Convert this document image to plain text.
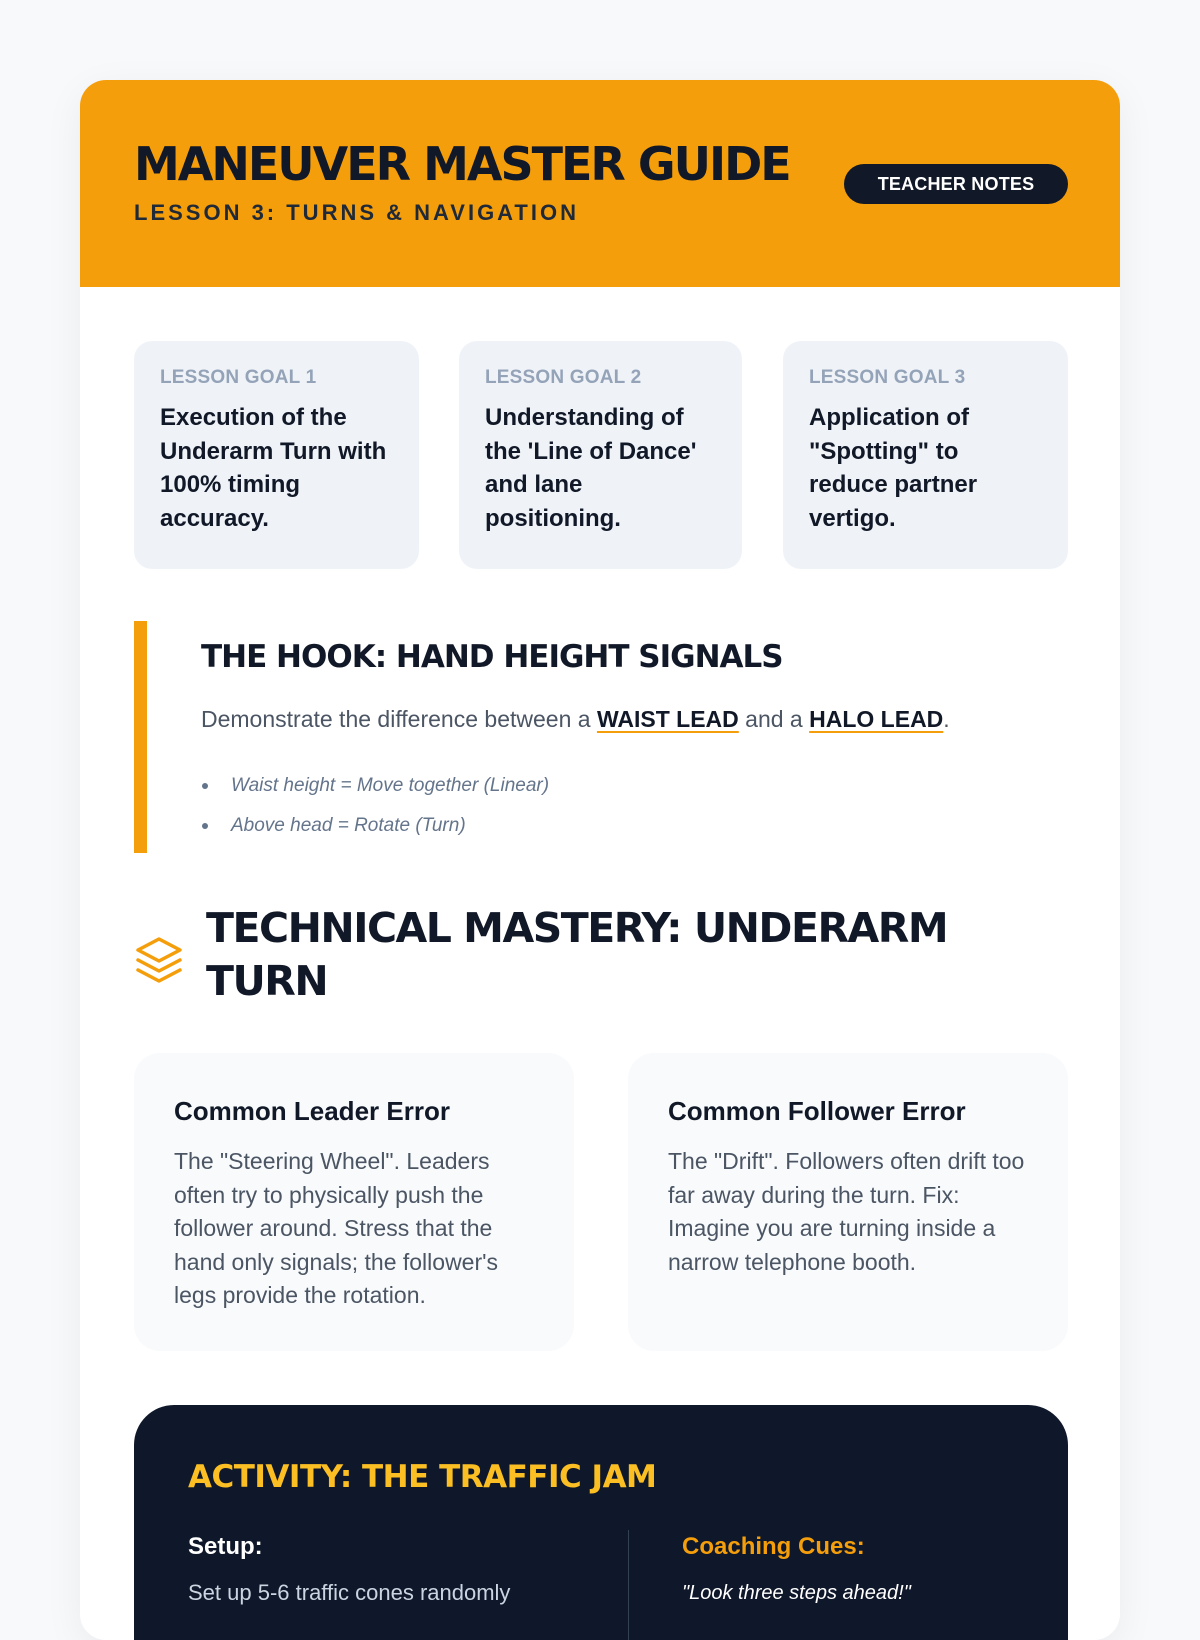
MANEUVER MASTER GUIDE
LESSON 3: TURNS & NAVIGATION
TEACHER NOTES
LESSON GOAL 1

Execution of the Underarm Turn with 100% timing accuracy.

LESSON GOAL 2

Understanding of the 'Line of Dance' and lane positioning.

LESSON GOAL 3

Application of "Spotting" to reduce partner vertigo.

THE HOOK: HAND HEIGHT SIGNALS

Demonstrate the difference between a WAIST LEAD and a HALO LEAD.

Waist height = Move together (Linear)
Above head = Rotate (Turn)
TECHNICAL MASTERY: UNDERARM TURN
Common Leader Error

The "Steering Wheel". Leaders often try to physically push the follower around. Stress that the hand only signals; the follower's legs provide the rotation.

Common Follower Error

The "Drift". Followers often drift too far away during the turn. Fix: Imagine you are turning inside a narrow telephone booth.

ACTIVITY: THE TRAFFIC JAM
Setup:

Set up 5-6 traffic cones randomly

Coaching Cues:
"Look three steps ahead!"
